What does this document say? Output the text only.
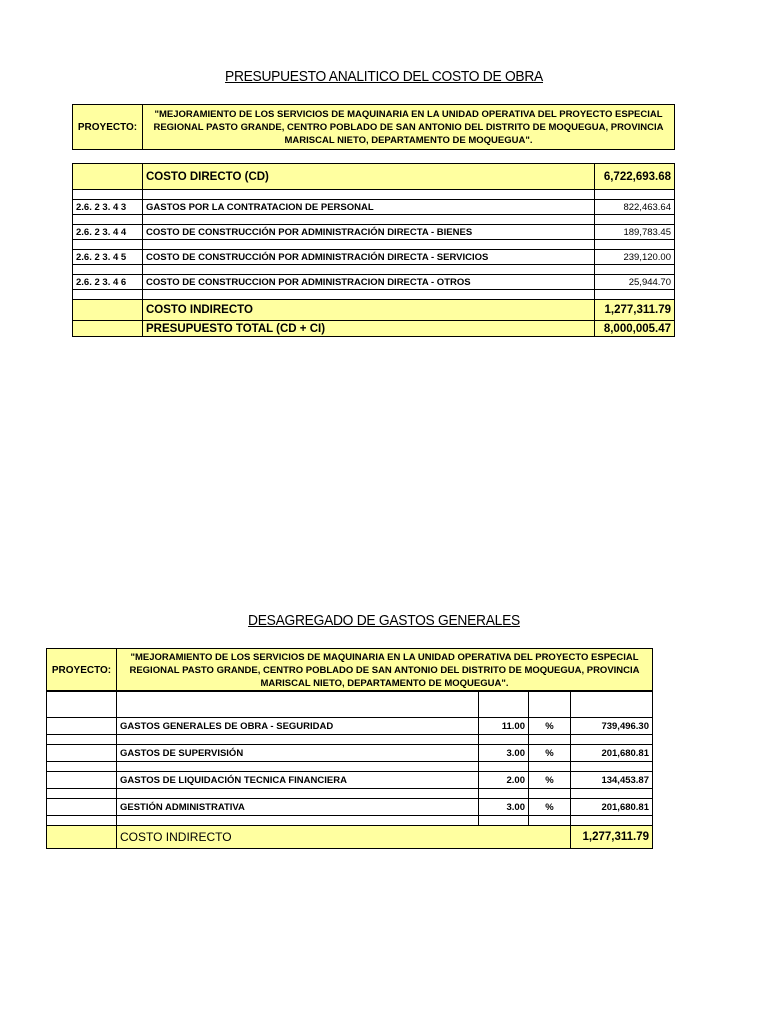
PRESUPUESTO ANALITICO DEL COSTO DE OBRA
PROYECTO:	"MEJORAMIENTO DE LOS SERVICIOS DE MAQUINARIA EN LA UNIDAD OPERATIVA DEL PROYECTO ESPECIAL REGIONAL PASTO GRANDE, CENTRO POBLADO DE SAN ANTONIO DEL DISTRITO DE MOQUEGUA, PROVINCIA MARISCAL NIETO, DEPARTAMENTO DE MOQUEGUA".
	COSTO DIRECTO (CD)	6,722,693.68

2.6. 2 3. 4 3	GASTOS POR LA CONTRATACION DE PERSONAL	822,463.64

2.6. 2 3. 4 4	COSTO DE CONSTRUCCIÓN POR ADMINISTRACIÓN DIRECTA - BIENES	189,783.45

2.6. 2 3. 4 5	COSTO DE CONSTRUCCIÓN POR ADMINISTRACIÓN DIRECTA - SERVICIOS	239,120.00

2.6. 2 3. 4 6	COSTO DE CONSTRUCCION POR ADMINISTRACION DIRECTA - OTROS	25,944.70

	COSTO INDIRECTO	1,277,311.79
	PRESUPUESTO TOTAL (CD + CI)	8,000,005.47
DESAGREGADO DE GASTOS GENERALES
PROYECTO:	"MEJORAMIENTO DE LOS SERVICIOS DE MAQUINARIA EN LA UNIDAD OPERATIVA DEL PROYECTO ESPECIAL REGIONAL PASTO GRANDE, CENTRO POBLADO DE SAN ANTONIO DEL DISTRITO DE MOQUEGUA, PROVINCIA MARISCAL NIETO, DEPARTAMENTO DE MOQUEGUA".

	GASTOS GENERALES DE OBRA - SEGURIDAD	11.00	%	739,496.30

	GASTOS DE SUPERVISIÓN	3.00	%	201,680.81

	GASTOS DE LIQUIDACIÓN TECNICA FINANCIERA	2.00	%	134,453.87

	GESTIÓN ADMINISTRATIVA	3.00	%	201,680.81

	COSTO INDIRECTO			1,277,311.79
